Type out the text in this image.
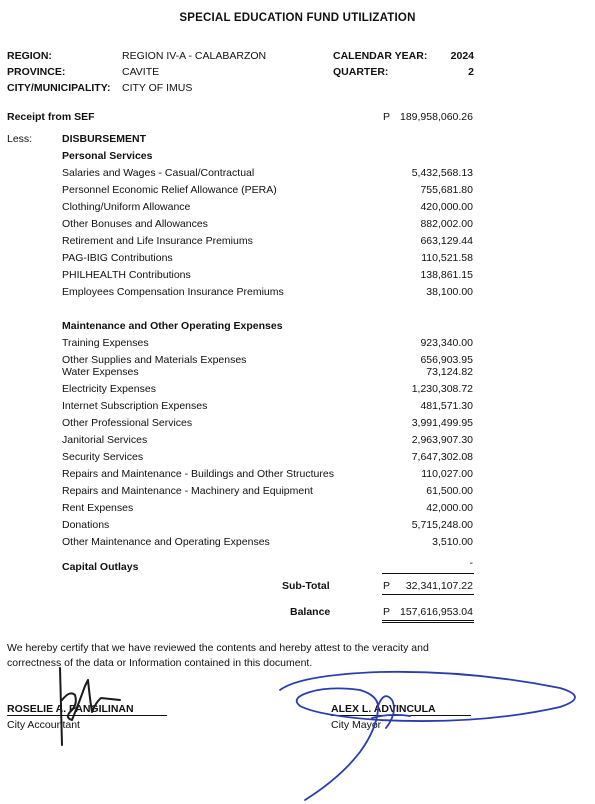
SPECIAL EDUCATION FUND UTILIZATION
REGION:	REGION IV-A - CALABARZON
PROVINCE:	CAVITE
CITY/MUNICIPALITY: CITY OF IMUS
CALENDAR YEAR:	2024
QUARTER:	2
Receipt from SEF	P 189,958,060.26
Less:	DISBURSEMENT
Personal Services
Salaries and Wages - Casual/Contractual	5,432,568.13
Personnel Economic Relief Allowance (PERA)	755,681.80
Clothing/Uniform Allowance	420,000.00
Other Bonuses and Allowances	882,002.00
Retirement and Life Insurance Premiums	663,129.44
PAG-IBIG Contributions	110,521.58
PHILHEALTH Contributions	138,861.15
Employees Compensation Insurance Premiums	38,100.00
Maintenance and Other Operating Expenses
Training Expenses	923,340.00
Other Supplies and Materials Expenses	656,903.95
Water Expenses	73,124.82
Electricity Expenses	1,230,308.72
Internet Subscription Expenses	481,571.30
Other Professional Services	3,991,499.95
Janitorial Services	2,963,907.30
Security Services	7,647,302.08
Repairs and Maintenance - Buildings and Other Structures	110,027.00
Repairs and Maintenance - Machinery and Equipment	61,500.00
Rent Expenses	42,000.00
Donations	5,715,248.00
Other Maintenance and Operating Expenses	3,510.00
Capital Outlays	-
Sub-Total	P	32,341,107.22
Balance	P 157,616,953.04
We hereby certify that we have reviewed the contents and hereby attest to the veracity and correctness of the data or Information contained in this document.
ROSELIE A. PANGILINAN
City Accountant
ALEX L. ADVINCULA
City Mayor
